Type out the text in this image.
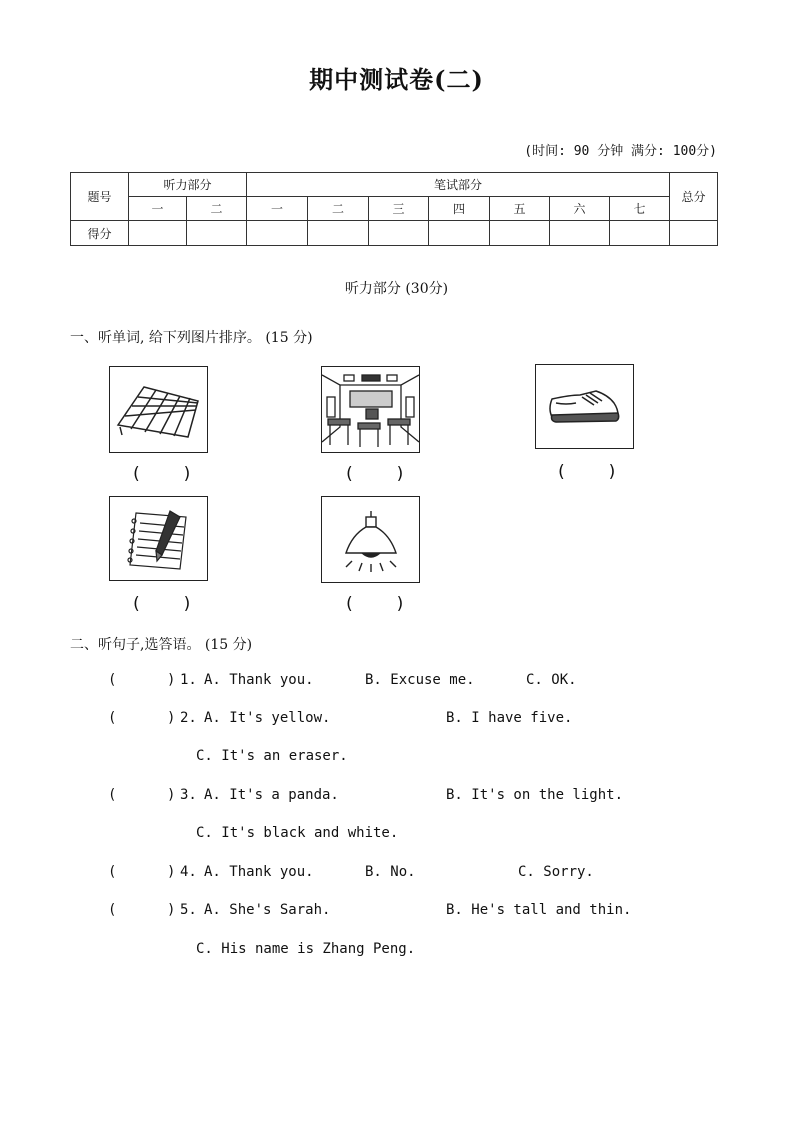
期中测试卷(二)
(时间: 90 分钟 满分: 100分)
题号	听力部分		笔试部分							总分
	一	二	一	二	三	四	五	六	七	
得分										
听力部分 (30分)
一、听单词, 给下列图片排序。 (15 分)
(    )	(    )	(    )
(    )	(    )
二、听句子,选答语。 (15 分)
(      ) 1. A. Thank you.	B. Excuse me.	C. OK.
(      ) 2. A. It's yellow.	B. I have five.
C. It's an eraser.
(      ) 3. A. It's a panda.	B. It's on the light.
C. It's black and white.
(      ) 4. A. Thank you.	B. No.	C. Sorry.
(      ) 5. A. She's Sarah.	B. He's tall and thin.
C. His name is Zhang Peng.
